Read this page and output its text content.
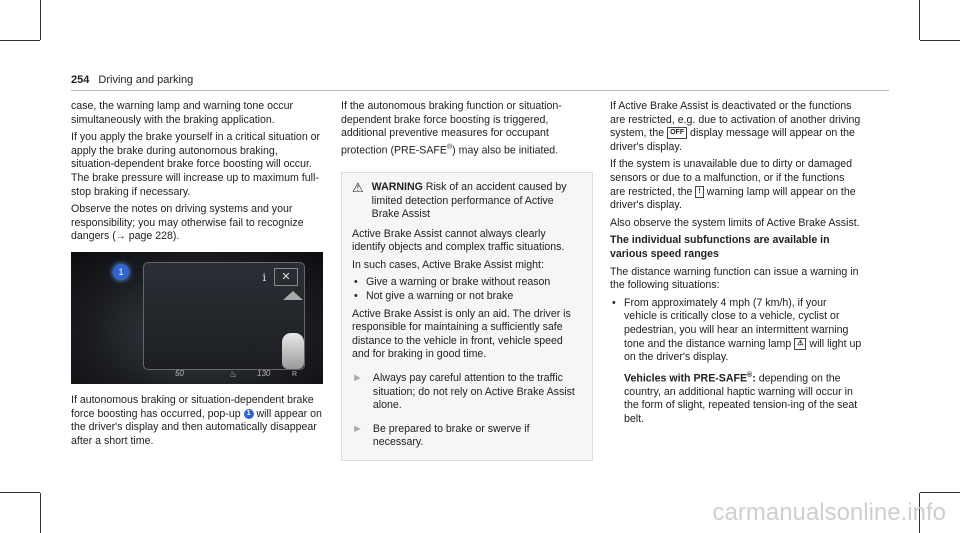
254 Driving and parking

case, the warning lamp and warning tone occur simultaneously with the braking application.

If you apply the brake yourself in a critical situation or apply the brake during autonomous braking, situation-dependent brake force boosting will occur. The brake pressure will increase up to maximum full-stop braking if necessary.

Observe the notes on driving systems and your responsibility; you may otherwise fail to recognize dangers (→ page 228).

i	✕
1
50	♨ 130	R

If autonomous braking or situation-dependent brake force boosting has occurred, pop-up 1 will appear on the driver's display and then automatically disappear after a short time.

If the autonomous braking function or situation-dependent brake force boosting is triggered, additional preventive measures for occupant protection (PRE-SAFE®) may also be initiated.

⚠ WARNING Risk of an accident caused by limited detection performance of Active Brake Assist

Active Brake Assist cannot always clearly identify objects and complex traffic situations.

In such cases, Active Brake Assist might:

• Give a warning or brake without reason
• Not give a warning or not brake

Active Brake Assist is only an aid. The driver is responsible for maintaining a sufficiently safe distance to the vehicle in front, vehicle speed and for braking in good time.

► Always pay careful attention to the traffic situation; do not rely on Active Brake Assist alone.
► Be prepared to brake or swerve if necessary.

If Active Brake Assist is deactivated or the functions are restricted, e.g. due to activation of another driving system, the OFF display message will appear on the driver's display.

If the system is unavailable due to dirty or damaged sensors or due to a malfunction, or if the functions are restricted, the ! warning lamp will appear on the driver's display.

Also observe the system limits of Active Brake Assist.

The individual subfunctions are available in various speed ranges

The distance warning function can issue a warning in the following situations:

• From approximately 4 mph (7 km/h), if your vehicle is critically close to a vehicle, cyclist or pedestrian, you will hear an intermittent warning tone and the distance warning lamp ⚠ will light up on the driver's display.

Vehicles with PRE-SAFE®: depending on the country, an additional haptic warning will occur in the form of slight, repeated tension-ing of the seat belt.

carmanualsonline.info
